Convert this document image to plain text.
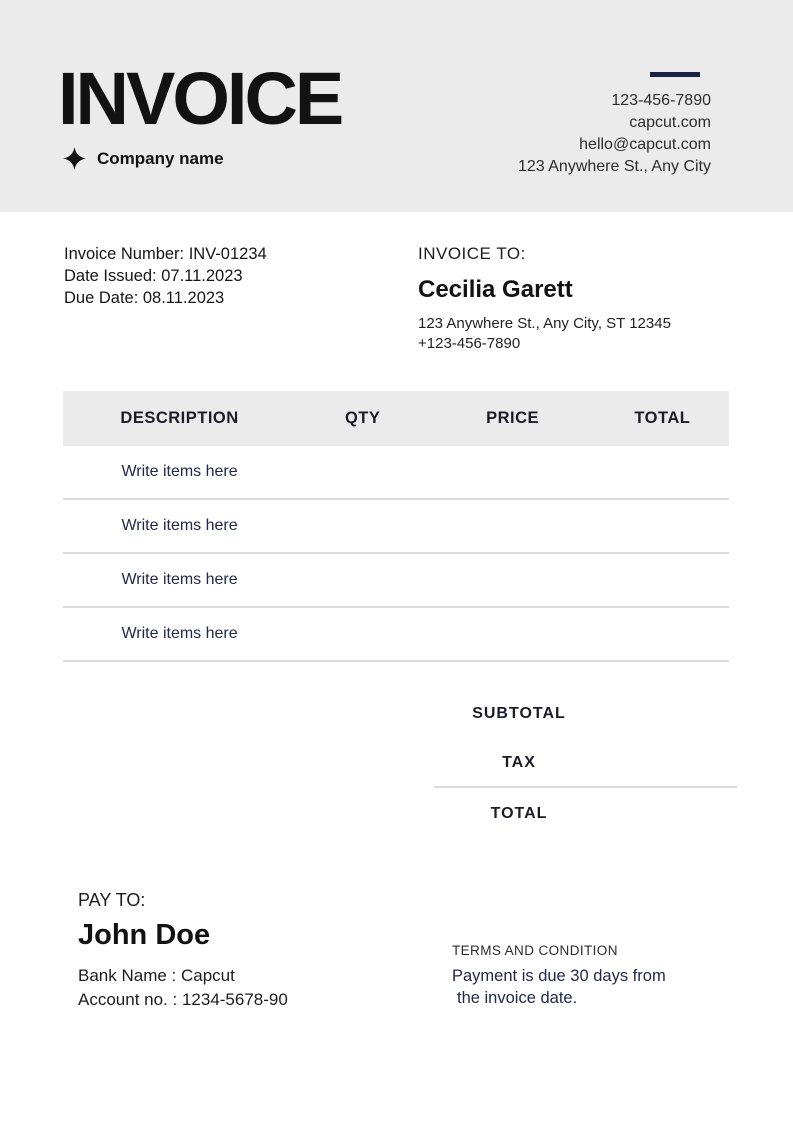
INVOICE
Company name
123-456-7890
capcut.com
hello@capcut.com
123 Anywhere St., Any City
Invoice Number: INV-01234
Date Issued: 07.11.2023
Due Date: 08.11.2023
INVOICE TO:
Cecilia Garett
123 Anywhere St., Any City, ST 12345
+123-456-7890
DESCRIPTION	QTY	PRICE	TOTAL
Write items here
Write items here
Write items here
Write items here
SUBTOTAL
TAX
TOTAL
PAY TO:
John Doe
Bank Name : Capcut
Account no. : 1234-5678-90
TERMS AND CONDITION
Payment is due 30 days from
the invoice date.
